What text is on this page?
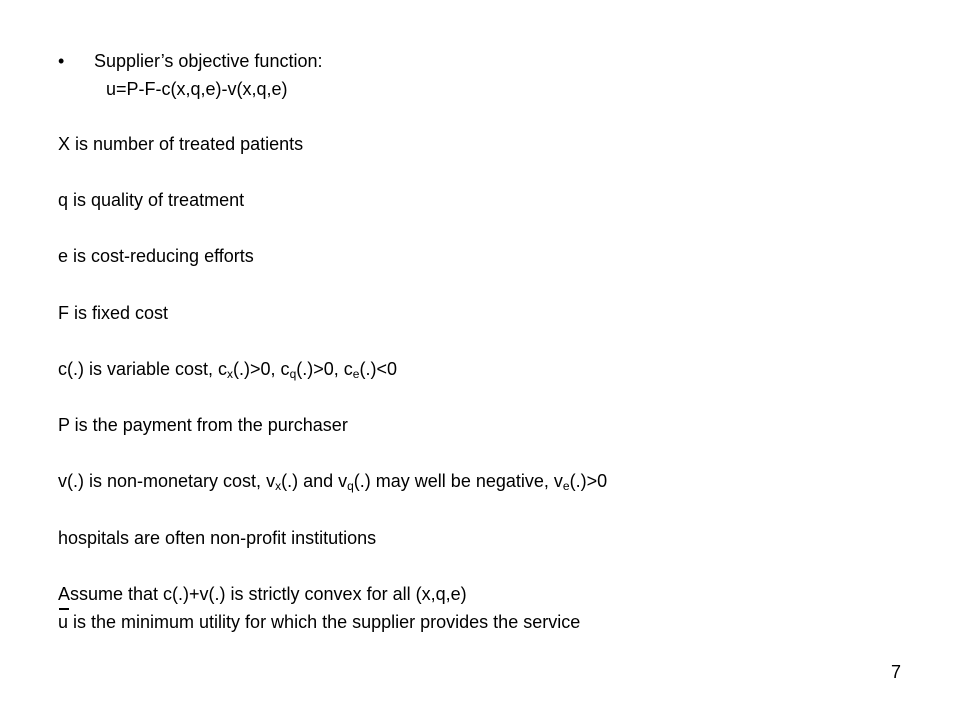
• Supplier’s objective function:
u=P-F-c(x,q,e)-v(x,q,e)
X is number of treated patients
q is quality of treatment
e is cost-reducing efforts
F is fixed cost
c(.) is variable cost, $c_x(.)>0$, $c_q(.)>0$, $c_e(.)<0$
P is the payment from the purchaser
v(.) is non-monetary cost, $v_x(.)$ and $v_q(.)$ may well be negative, $v_e(.)>0$
hospitals are often non-profit institutions
Assume that c(.)+v(.) is strictly convex for all (x,q,e)
u is the minimum utility for which the supplier provides the service
7
